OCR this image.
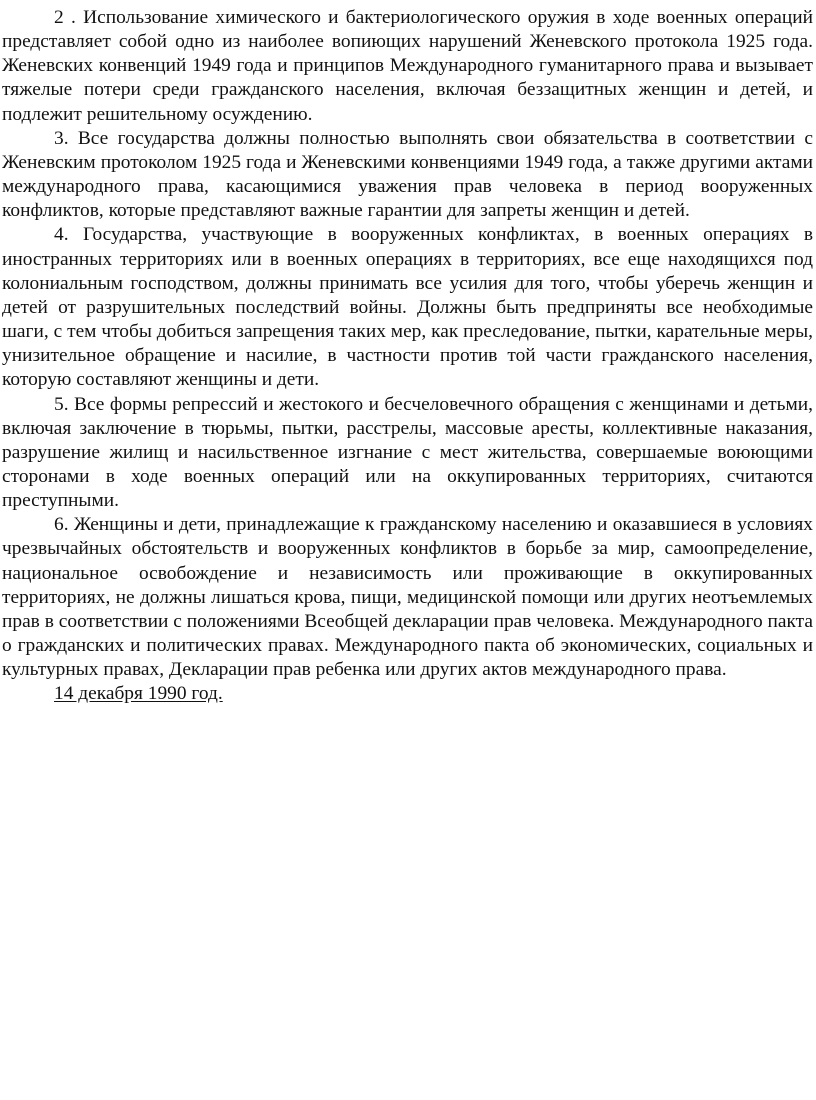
2 . Использование химического и бактериологического оружия в ходе военных операций представляет собой одно из наиболее вопиющих нарушений Женевского протокола 1925 года. Женевских конвенций 1949 года и принципов Международного гуманитарного права и вызывает тяжелые потери среди гражданского населения, включая беззащитных женщин и детей, и подлежит решительному осуждению.

3. Все государства должны полностью выполнять свои обязательства в соответствии с Женевским протоколом 1925 года и Женевскими конвенциями 1949 года, а также другими актами международного права, касающимися уважения прав человека в период вооруженных конфликтов, которые представляют важные гарантии для запреты женщин и детей.

4. Государства, участвующие в вооруженных конфликтах, в военных операциях в иностранных территориях или в военных операциях в территориях, все еще находящихся под колониальным господством, должны принимать все усилия для того, чтобы уберечь женщин и детей от разрушительных последствий войны. Должны быть предприняты все необходимые шаги, с тем чтобы добиться запрещения таких мер, как преследование, пытки, карательные меры, унизительное обращение и насилие, в частности против той части гражданского населения, которую составляют женщины и дети.

5. Все формы репрессий и жестокого и бесчеловечного обращения с женщинами и детьми, включая заключение в тюрьмы, пытки, расстрелы, массовые аресты, коллективные наказания, разрушение жилищ и насильственное изгнание с мест жительства, совершаемые воюющими сторонами в ходе военных операций или на оккупированных территориях, считаются преступными.

6. Женщины и дети, принадлежащие к гражданскому населению и оказавшиеся в условиях чрезвычайных обстоятельств и вооруженных конфликтов в борьбе за мир, самоопределение, национальное освобождение и независимость или проживающие в оккупированных территориях, не должны лишаться крова, пищи, медицинской помощи или других неотъемлемых прав в соответствии с положениями Всеобщей декларации прав человека. Международного пакта о гражданских и политических правах. Международного пакта об экономических, социальных и культурных правах, Декларации прав ребенка или других актов международного права.

14 декабря 1990 год.
